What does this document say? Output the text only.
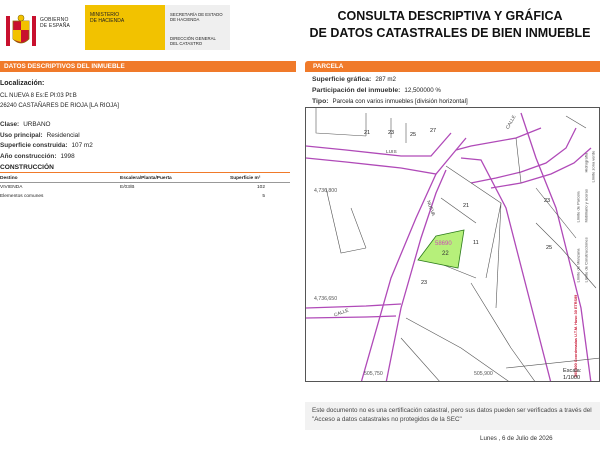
GOBIERNO
DE ESPAÑA
MINISTERIO
DE HACIENDA
SECRETARÍA DE ESTADO
DE HACIENDA
DIRECCIÓN GENERAL
DEL CATASTRO
CONSULTA DESCRIPTIVA Y GRÁFICA
DE DATOS CATASTRALES DE BIEN INMUEBLE
DATOS DESCRIPTIVOS DEL INMUEBLE	PARCELA
Localización:
CL NUEVA 8 Es:E Pl:03 Pt:B
26240 CASTAÑARES DE RIOJA [LA RIOJA]
Clase: URBANO
Uso principal: Residencial
Superficie construida: 107 m2
Año construcción: 1998
CONSTRUCCIÓN
Destino	Escalera/Planta/Puerta	Superficie m²
VIVIENDA	E/03/B	102
Elementos comunes		5
Superficie gráfica: 287 m2
Participación del inmueble: 12,500000 %
Tipo: Parcela con varios inmuebles [división horizontal]
58690
22
4,736,800
4,736,650
505,750	505,900
21	23	25
27
21
11
23
25
23
CALLE
NUEVA
CALLE
LUIS
Límite de Manzana
Límite de Parcela
Límite de Construcciones
Mobiliario y aceras
Límite zona verde
Hidrografía
505,800 Coordenadas U.T.M. Huso 30 ETRS89
Escala:
1/1000
Este documento no es una certificación catastral, pero sus datos pueden ser verificados a través del "Acceso a datos catastrales no protegidos de la SEC"
Lunes , 6 de Julio de 2026
